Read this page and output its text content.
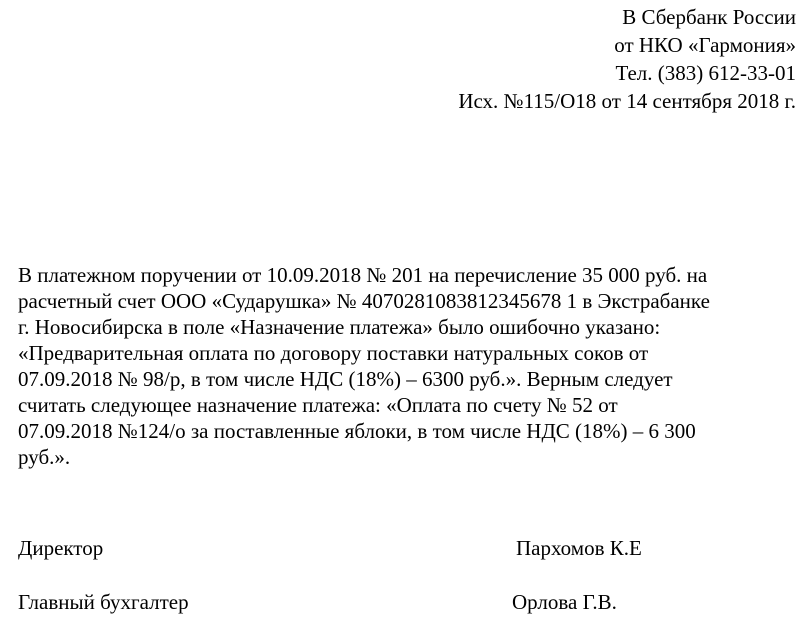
В Сбербанк России
от НКО «Гармония»
Тел. (383) 612-33-01
Исх. №115/О18 от 14 сентября 2018 г.
В платежном поручении от 10.09.2018 № 201 на перечисление 35 000 руб. на
расчетный счет ООО «Сударушка» № 4070281083812345678 1 в Экстрабанке
г. Новосибирска в поле «Назначение платежа» было ошибочно указано:
«Предварительная оплата по договору поставки натуральных соков от
07.09.2018 № 98/р, в том числе НДС (18%) – 6300 руб.». Верным следует
считать следующее назначение платежа: «Оплата по счету № 52 от
07.09.2018 №124/о за поставленные яблоки, в том числе НДС (18%) – 6 300
руб.».
Директор	Пархомов К.Е
Главный бухгалтер	Орлова Г.В.
